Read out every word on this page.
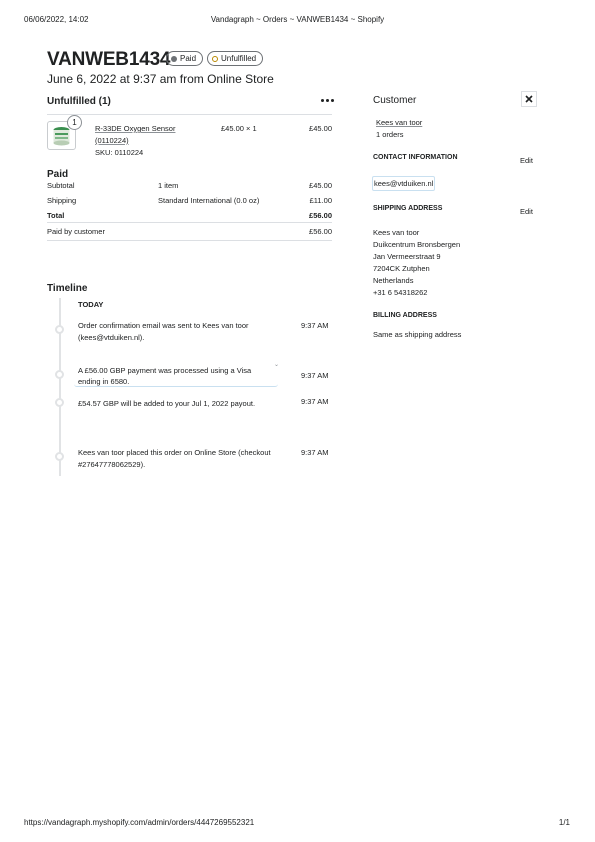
06/06/2022, 14:02	Vandagraph ~ Orders ~ VANWEB1434 ~ Shopify
VANWEB1434 Paid	Unfulfilled
June 6, 2022 at 9:37 am from Online Store
Unfulfilled (1)
1
R-33DE Oxygen Sensor
(0110224)
SKU: 0110224
£45.00 × 1	£45.00
Paid
Subtotal	1 item	£45.00
Shipping	Standard International (0.0 oz)	£11.00
Total	£56.00
Paid by customer	£56.00
Timeline
TODAY
Order confirmation email was sent to Kees van toor
(kees@vtduiken.nl).
9:37 AM
⌄
A £56.00 GBP payment was processed using a Visa
ending in 6580.
9:37 AM
£54.57 GBP will be added to your Jul 1, 2022 payout.	9:37 AM
Kees van toor placed this order on Online Store (checkout
#27647778062529).
9:37 AM
Customer
Kees van toor
1 orders
CONTACT INFORMATION	Edit
kees@vtduiken.nl
SHIPPING ADDRESS	Edit
Kees van toor
Duikcentrum Bronsbergen
Jan Vermeerstraat 9
7204CK Zutphen
Netherlands
+31 6 54318262
BILLING ADDRESS
Same as shipping address
https://vandagraph.myshopify.com/admin/orders/4447269552321	1/1
